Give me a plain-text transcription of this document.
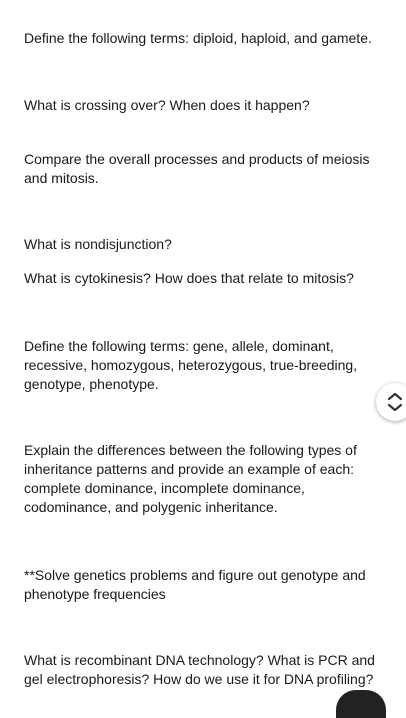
Define the following terms: diploid, haploid, and gamete.

What is crossing over? When does it happen?

Compare the overall processes and products of meiosis
and mitosis.

What is nondisjunction?

What is cytokinesis? How does that relate to mitosis?

Define the following terms: gene, allele, dominant,
recessive, homozygous, heterozygous, true-breeding,
genotype, phenotype.

Explain the differences between the following types of
inheritance patterns and provide an example of each:
complete dominance, incomplete dominance,
codominance, and polygenic inheritance.

**Solve genetics problems and figure out genotype and
phenotype frequencies

What is recombinant DNA technology? What is PCR and
gel electrophoresis? How do we use it for DNA profiling?
